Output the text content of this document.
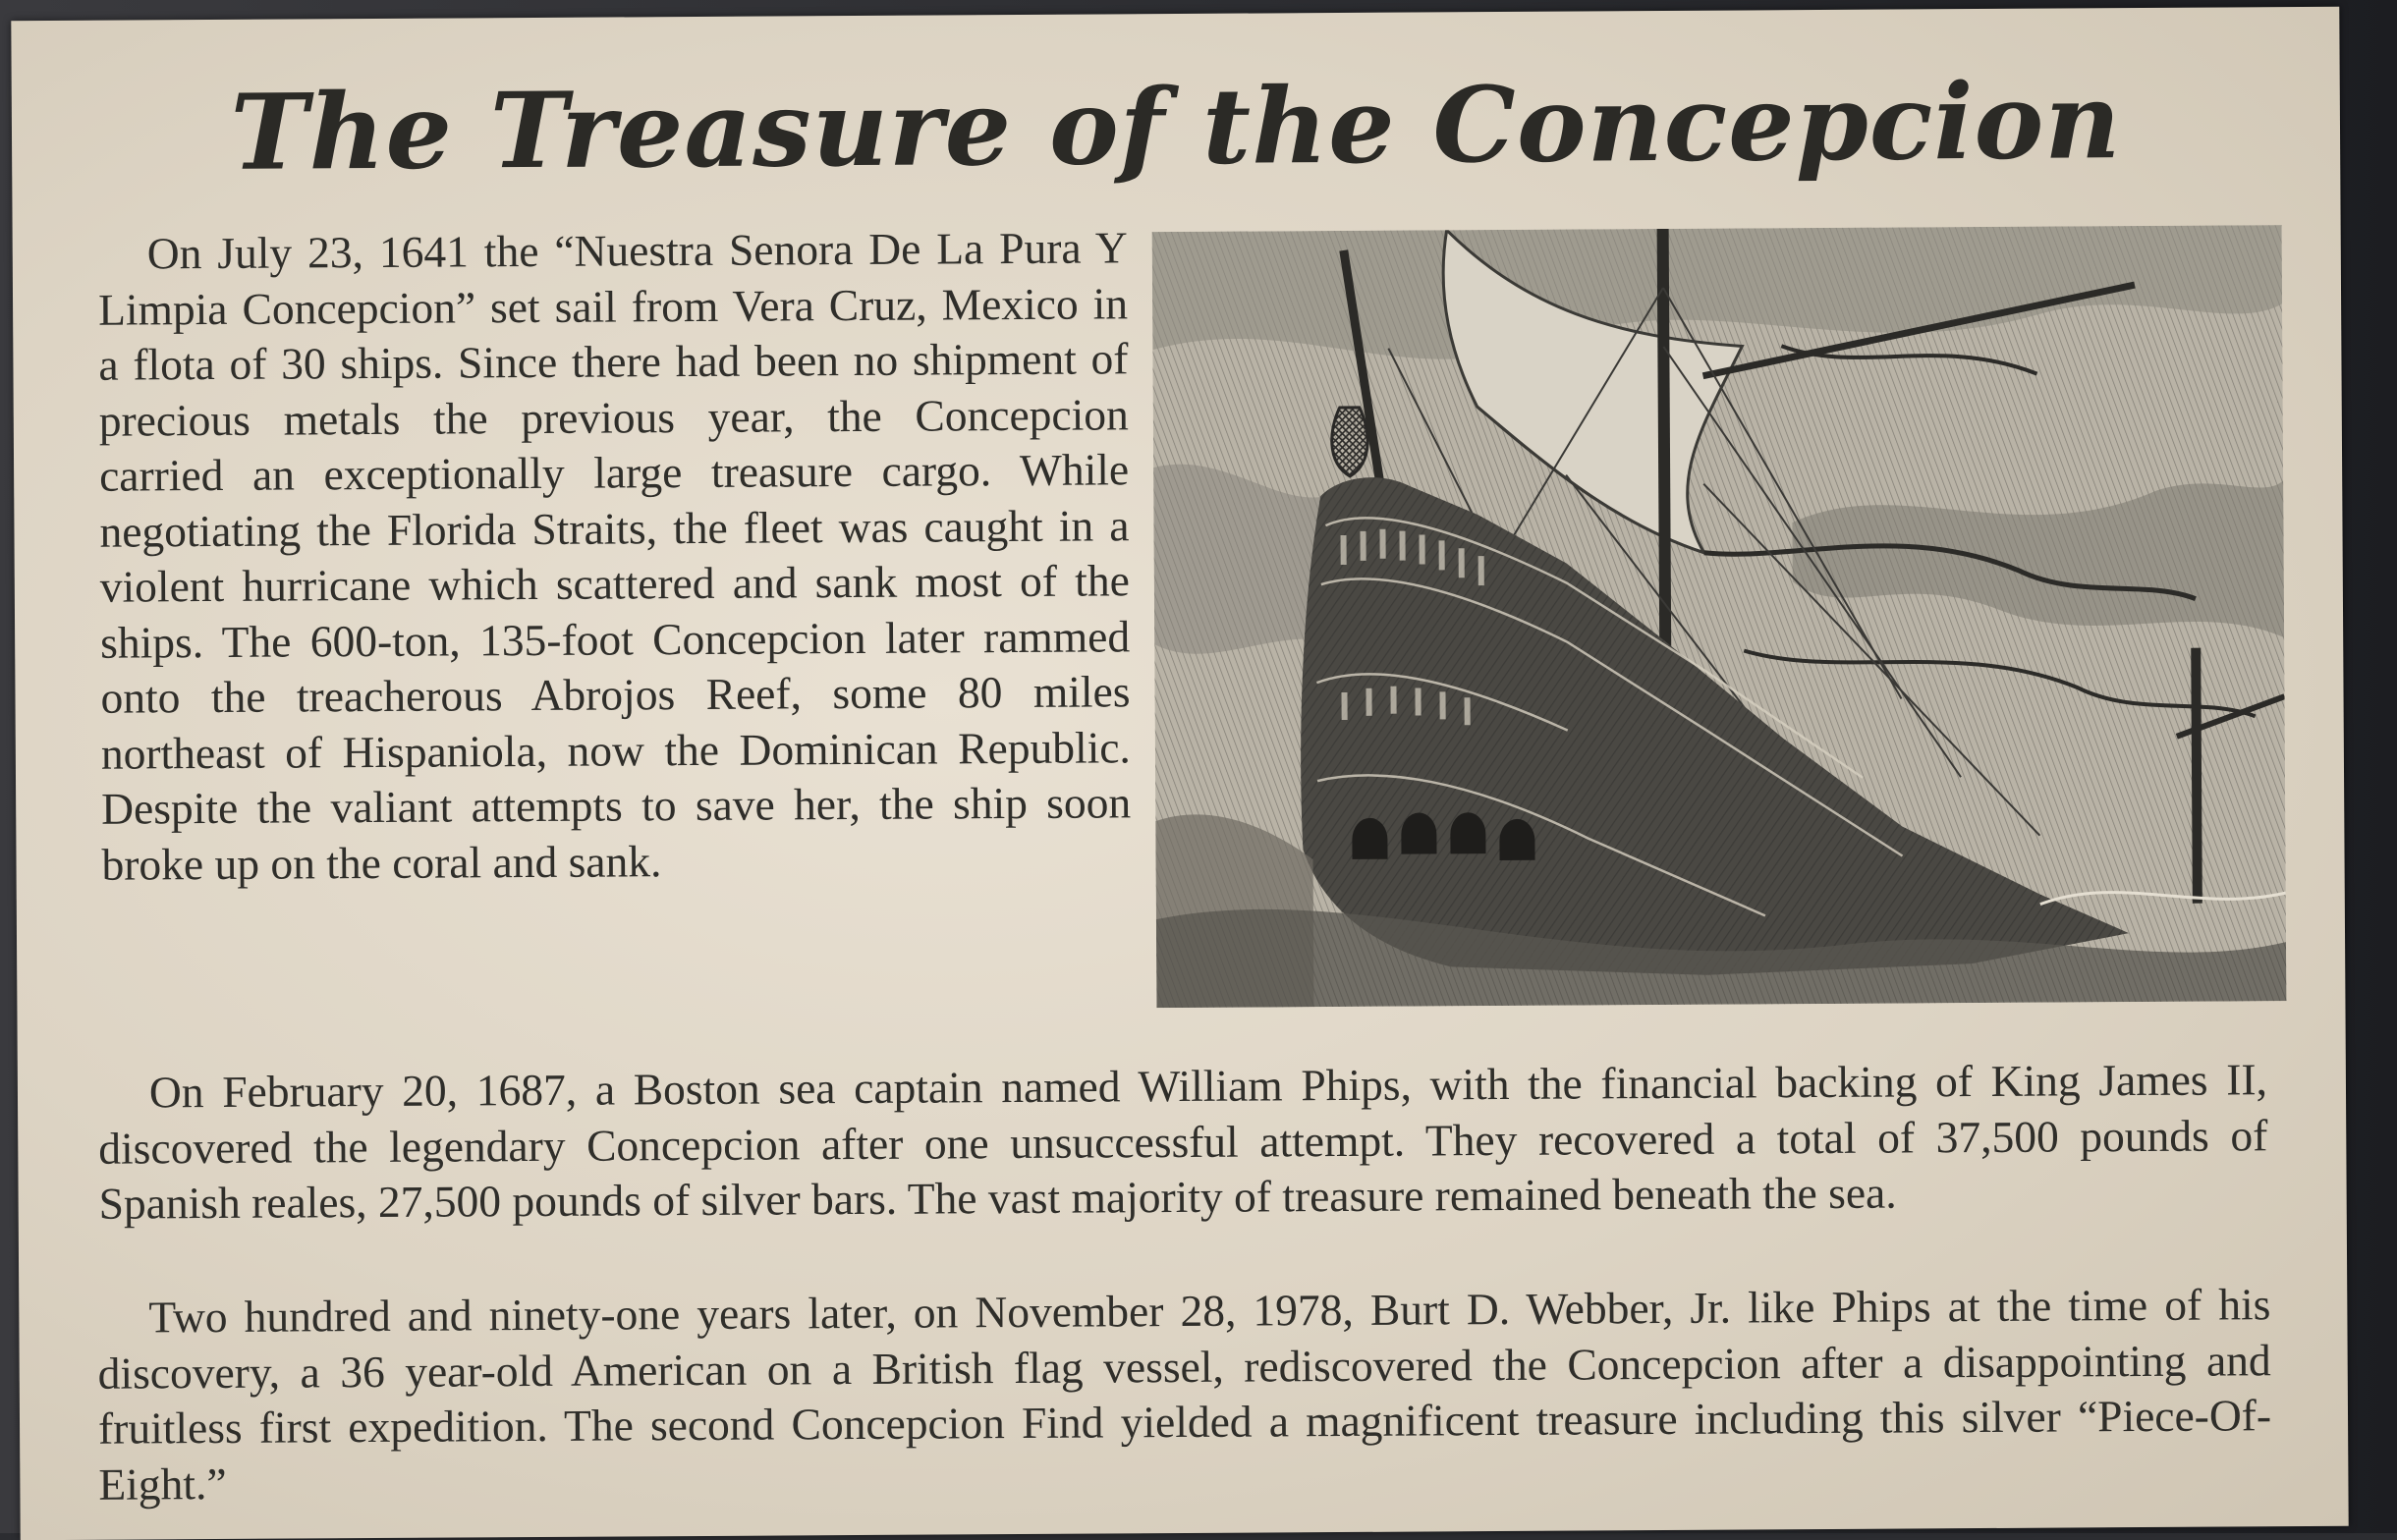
The Treasure of the Concepcion

On July 23, 1641 the “Nuestra Senora De La Pura Y Limpia Concepcion” set sail from Vera Cruz, Mexico in a flota of 30 ships. Since there had been no shipment of precious metals the previous year, the Concepcion carried an exceptionally large treasure cargo. While negotiating the Florida Straits, the fleet was caught in a violent hurricane which scattered and sank most of the ships. The 600-ton, 135-foot Concepcion later rammed onto the treacherous Abrojos Reef, some 80 miles northeast of Hispaniola, now the Dominican Republic. Despite the valiant attempts to save her, the ship soon broke up on the coral and sank.

On February 20, 1687, a Boston sea captain named William Phips, with the financial backing of King James II, discovered the legendary Concepcion after one unsuccessful attempt. They recovered a total of 37,500 pounds of Spanish reales, 27,500 pounds of silver bars. The vast majority of treasure remained beneath the sea.

Two hundred and ninety-one years later, on November 28, 1978, Burt D. Webber, Jr. like Phips at the time of his discovery, a 36 year-old American on a British flag vessel, rediscovered the Concepcion after a disappointing and fruitless first expedition. The second Concepcion Find yielded a magnificent treasure including this silver “Piece-Of-Eight.”
